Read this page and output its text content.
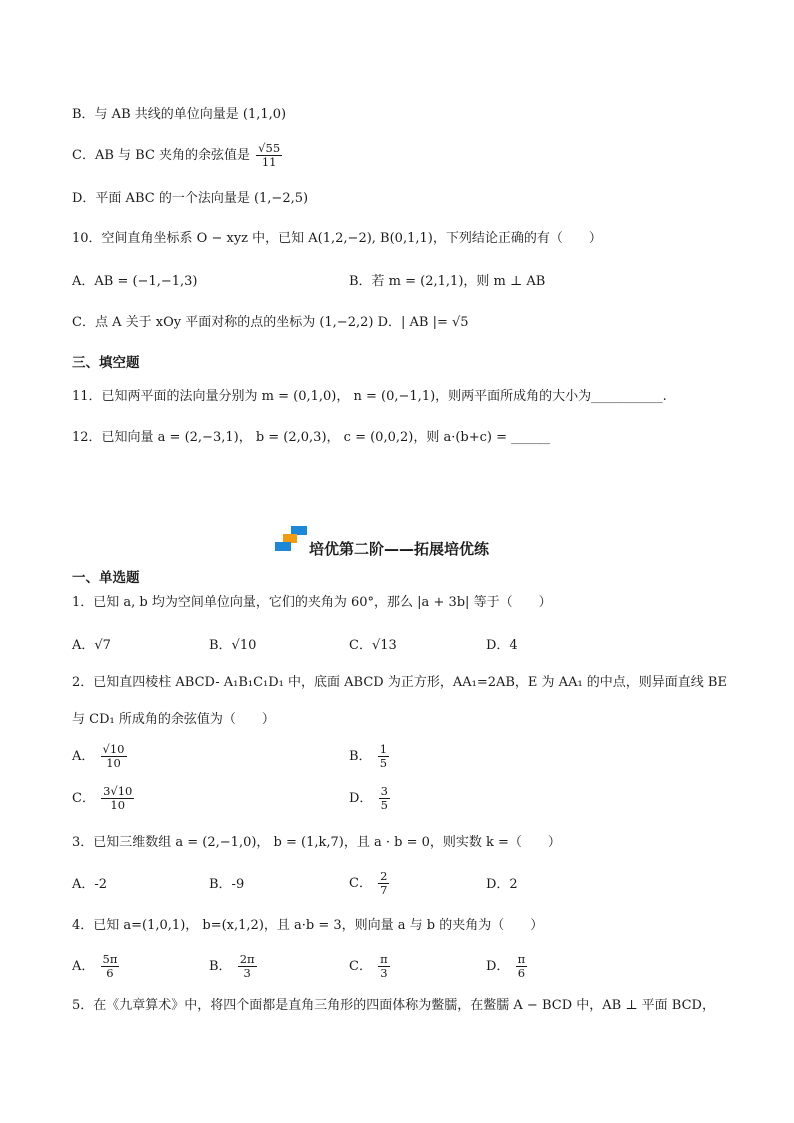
B．与 AB 共线的单位向量是 (1,1,0)
C．AB 与 BC 夹角的余弦值是 $\frac{√55}{11}$
D．平面 ABC 的一个法向量是 (1,−2,5)
10．空间直角坐标系 O − xyz 中，已知 A(1,2,−2), B(0,1,1)，下列结论正确的有（　　）
A．AB = (−1,−1,3)	B．若 m = (2,1,1)，则 m ⊥ AB
C．点 A 关于 xOy 平面对称的点的坐标为 (1,−2,2) D．| AB |= √5
三、填空题
11．已知两平面的法向量分别为 m = (0,1,0)， n = (0,−1,1)，则两平面所成角的大小为___________.
12．已知向量 a = (2,−3,1)， b = (2,0,3)， c = (0,0,2)，则 a·(b+c) = ______
培优第二阶——拓展培优练
一、单选题
1．已知 a, b 均为空间单位向量，它们的夹角为 60°，那么 |a + 3b| 等于（　　）
A．√7	B．√10	C．√13	D．4
2．已知直四棱柱 ABCD- A₁B₁C₁D₁ 中，底面 ABCD 为正方形，AA₁=2AB，E 为 AA₁ 的中点，则异面直线 BE
与 CD₁ 所成角的余弦值为（　　）
A． $\frac{√10}{10}$	B． $\frac{1}{5}$
C． $\frac{3√10}{10}$	D． $\frac{3}{5}$
3．已知三维数组 a = (2,−1,0)， b = (1,k,7)，且 a · b = 0，则实数 k =（　　）
A．-2	B．-9	C． $\frac{2}{7}$	D．2
4．已知 a=(1,0,1)， b=(x,1,2)，且 a·b = 3，则向量 a 与 b 的夹角为（　　）
A． $\frac{5\pi}{6}$	B． $\frac{2\pi}{3}$	C． $\frac{\pi}{3}$	D． $\frac{\pi}{6}$
5．在《九章算术》中，将四个面都是直角三角形的四面体称为鳖臑，在鳖臑 A − BCD 中，AB ⊥ 平面 BCD，
